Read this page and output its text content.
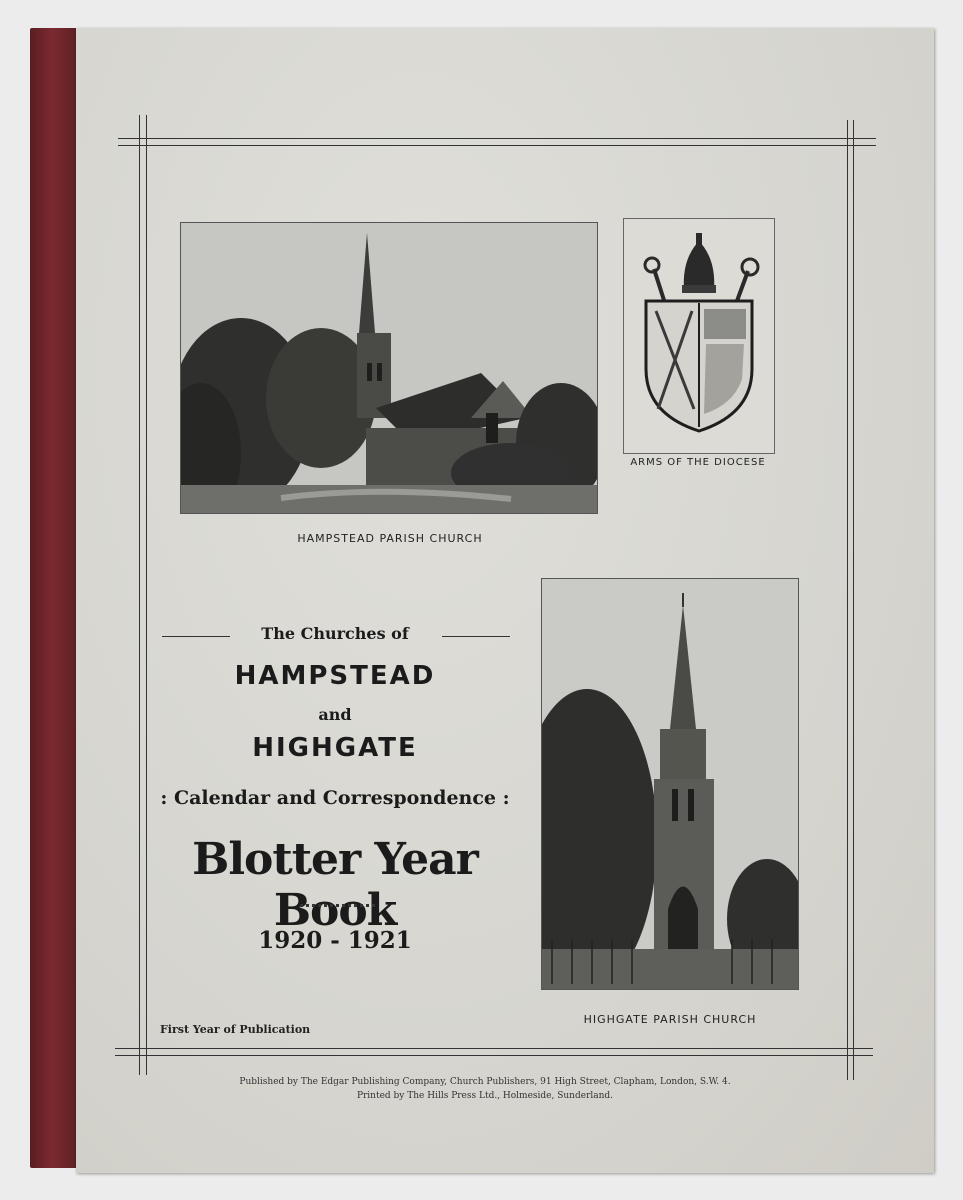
HAMPSTEAD PARISH CHURCH
ARMS OF THE DIOCESE
The Churches of
HAMPSTEAD
and
HIGHGATE
: Calendar and Correspondence :
Blotter Year Book
1920 - 1921
First Year of Publication
HIGHGATE PARISH CHURCH
Published by The Edgar Publishing Company, Church Publishers, 91 High Street, Clapham, London, S.W. 4.
Printed by The Hills Press Ltd., Holmeside, Sunderland.
